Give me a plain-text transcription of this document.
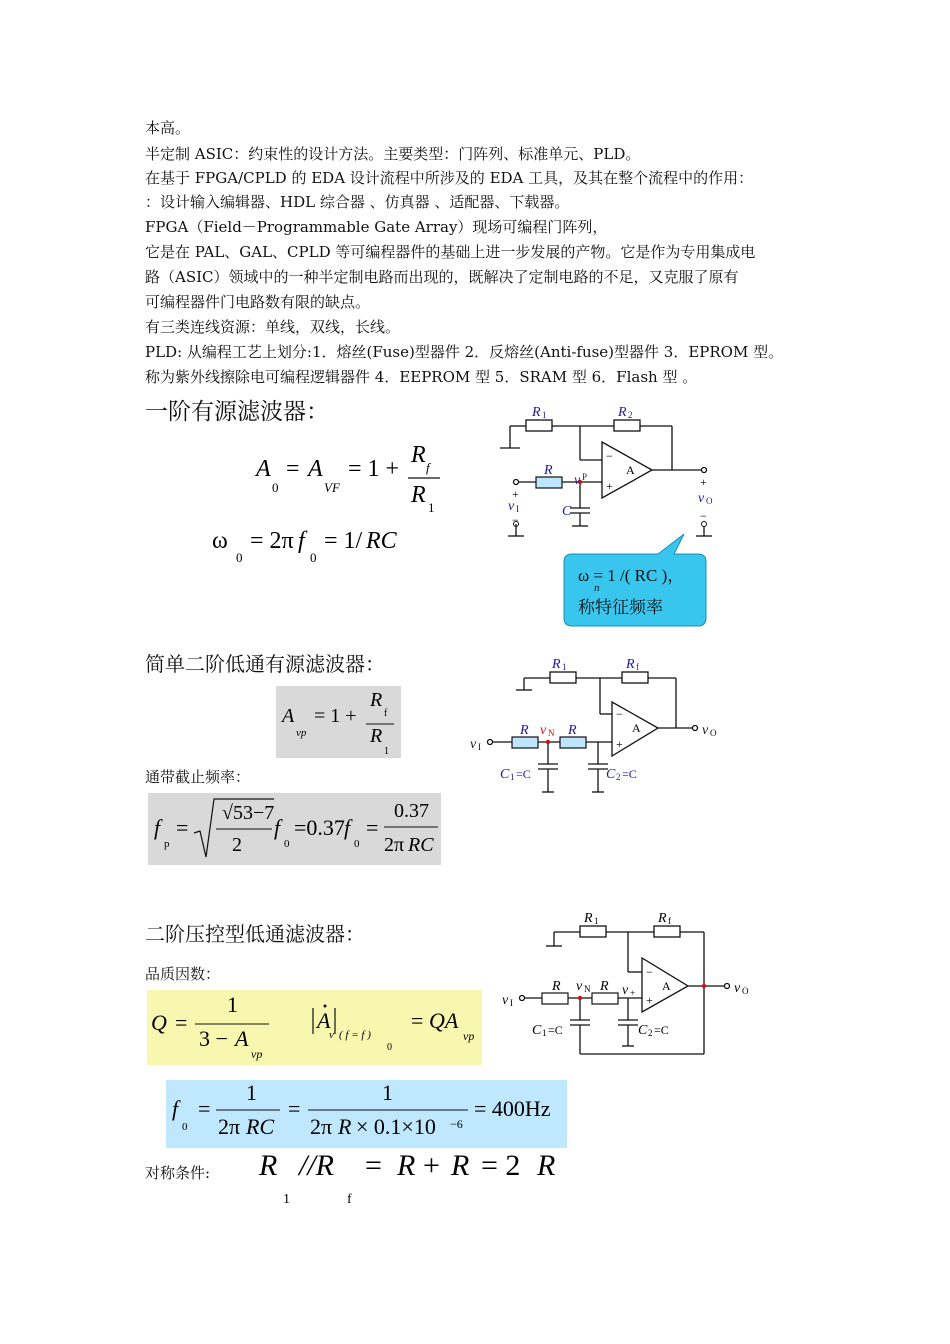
本高。
半定制 ASIC：约束性的设计方法。主要类型：门阵列、标准单元、PLD。
在基于 FPGA/CPLD 的 EDA 设计流程中所涉及的 EDA 工具，及其在整个流程中的作用：
：设计输入编辑器、HDL 综合器 、仿真器 、适配器、下载器。
FPGA（Field－Programmable Gate Array）现场可编程门阵列，
它是在 PAL、GAL、CPLD 等可编程器件的基础上进一步发展的产物。它是作为专用集成电
路（ASIC）领域中的一种半定制电路而出现的，既解决了定制电路的不足，又克服了原有
可编程器件门电路数有限的缺点。
有三类连线资源：单线，双线，长线。
PLD: 从编程工艺上划分:1．熔丝(Fuse)型器件 2．反熔丝(Anti-fuse)型器件 3．EPROM 型。
称为紫外线擦除电可编程逻辑器件 4．EEPROM 型 5．SRAM 型 6．Flash 型 。
一阶有源滤波器：
A A
R
R
= = 1 +
0	VF
f
1
ω
0
= 2π f
0
= 1/ RC
R	R
R
v
v
v
C
1	2
P
I
O
−
+
A
+
+
−	−
ω = 1 /( RC )，
n
称特征频率
简单二阶低通有源滤波器：
A
vp
= 1 +
R
f
R
1
R	R
R	R
v
v
C	C
v
1	f
N
I
O
1	2
=C	=C
−
+
A
通带截止频率：
f
p
=
√53−7
2
f
0
=0.37 f
0
=
0.37
2π RC
二阶压控型低通滤波器：
品质因数：
R	R
R	R
v
v
v	v
C	C
1	f
N	+
I
O
1	2
=C	=C
−
+
A
Q =
1
3 − A
vp
A
v ( f = f )
0
= QA
vp
f
0
=
1
2π RC
=
1
2π R × 0.1×10 −6
= 400Hz
对称条件: R
1
//R
f
= R + R = 2 R
